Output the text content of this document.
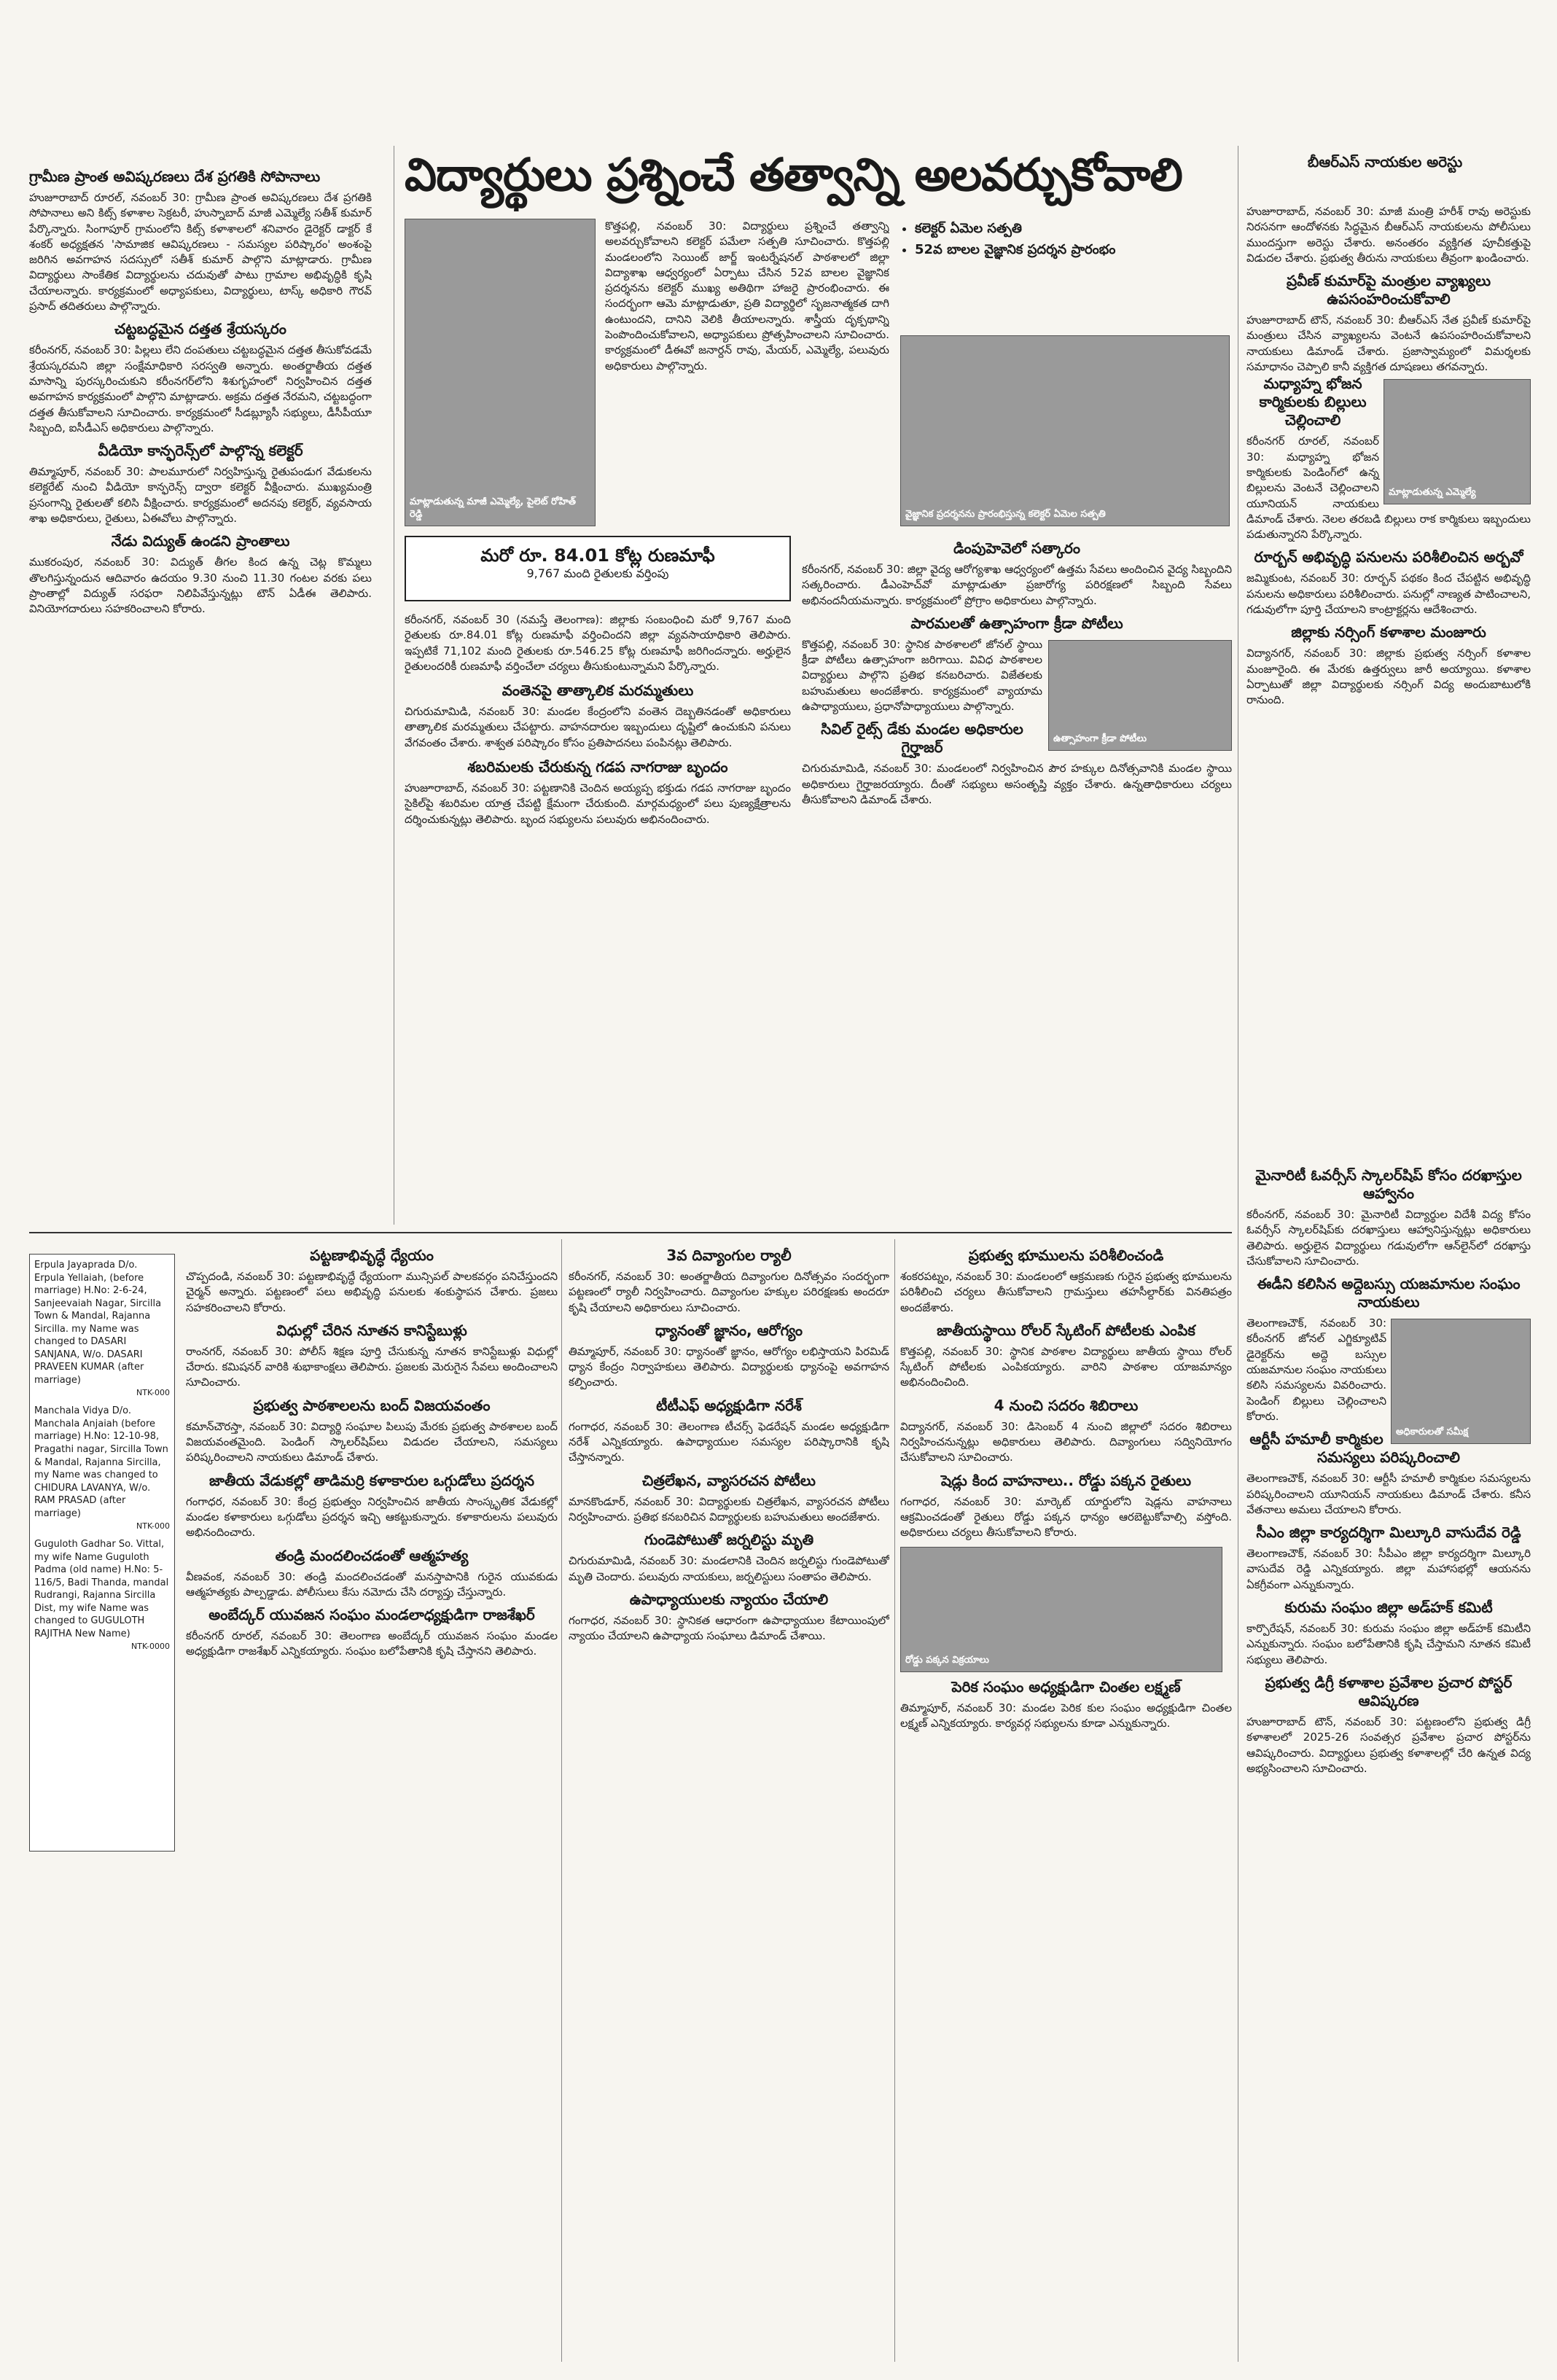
గ్రామీణ ప్రాంత అవిష్కరణలు దేశ ప్రగతికి సోపానాలు

హుజూరాబాద్ రూరల్, నవంబర్ 30: గ్రామీణ ప్రాంత అవిష్కరణలు దేశ ప్రగతికి సోపానాలు అని కిట్స్ కళాశాల సెక్రటరీ, హుస్నాబాద్ మాజీ ఎమ్మెల్యే సతీశ్ కుమార్ పేర్కొన్నారు. సింగాపూర్ గ్రామంలోని కిట్స్ కళాశాలలో శనివారం డైరెక్టర్ డాక్టర్ కే శంకర్ అధ్యక్షతన 'సామాజిక ఆవిష్కరణలు - సమస్యల పరిష్కారం' అంశంపై జరిగిన అవగాహన సదస్సులో సతీశ్ కుమార్ పాల్గొని మాట్లాడారు. గ్రామీణ విద్యార్థులు సాంకేతిక విద్యార్థులను చదువుతో పాటు గ్రామాల అభివృద్ధికి కృషి చేయాలన్నారు. కార్యక్రమంలో అధ్యాపకులు, విద్యార్థులు, టాస్క్ అధికారి గౌరవ్ ప్రసాద్ తదితరులు పాల్గొన్నారు.

చట్టబద్ధమైన దత్తత శ్రేయస్కరం

కరీంనగర్, నవంబర్ 30: పిల్లలు లేని దంపతులు చట్టబద్ధమైన దత్తత తీసుకోవడమే శ్రేయస్కరమని జిల్లా సంక్షేమాధికారి సరస్వతి అన్నారు. అంతర్జాతీయ దత్తత మాసాన్ని పురస్కరించుకుని కరీంనగర్‌లోని శిశుగృహంలో నిర్వహించిన దత్తత అవగాహన కార్యక్రమంలో పాల్గొని మాట్లాడారు. అక్రమ దత్తత నేరమని, చట్టబద్ధంగా దత్తత తీసుకోవాలని సూచించారు. కార్యక్రమంలో సీడబ్ల్యూసీ సభ్యులు, డీసీపీయూ సిబ్బంది, ఐసీడీఎస్ అధికారులు పాల్గొన్నారు.

వీడియో కాన్ఫరెన్స్‌లో పాల్గొన్న కలెక్టర్

తిమ్మాపూర్, నవంబర్ 30: పాలమూరులో నిర్వహిస్తున్న రైతుపండుగ వేడుకలను కలెక్టరేట్ నుంచి వీడియో కాన్ఫరెన్స్ ద్వారా కలెక్టర్ వీక్షించారు. ముఖ్యమంత్రి ప్రసంగాన్ని రైతులతో కలిసి వీక్షించారు. కార్యక్రమంలో అదనపు కలెక్టర్, వ్యవసాయ శాఖ అధికారులు, రైతులు, ఏఈవోలు పాల్గొన్నారు.

నేడు విద్యుత్ ఉండని ప్రాంతాలు

ముకరంపుర, నవంబర్ 30: విద్యుత్ తీగల కింద ఉన్న చెట్ల కొమ్మలు తొలగిస్తున్నందున ఆదివారం ఉదయం 9.30 నుంచి 11.30 గంటల వరకు పలు ప్రాంతాల్లో విద్యుత్ సరఫరా నిలిపివేస్తున్నట్లు టౌన్ ఏడీఈ తెలిపారు. వినియోగదారులు సహకరించాలని కోరారు.

విద్యార్థులు ప్రశ్నించే తత్వాన్ని అలవర్చుకోవాలి	బీఆర్‌ఎస్ నాయకుల అరెస్టు
మాట్లాడుతున్న మాజీ ఎమ్మెల్యే, పైలెట్ రోహిత్ రెడ్డి

కొత్తపల్లి, నవంబర్ 30: విద్యార్థులు ప్రశ్నించే తత్వాన్ని అలవర్చుకోవాలని కలెక్టర్ పమేలా సత్పతి సూచించారు. కొత్తపల్లి మండలంలోని సెయింట్ జార్జ్ ఇంటర్నేషనల్ పాఠశాలలో జిల్లా విద్యాశాఖ ఆధ్వర్యంలో ఏర్పాటు చేసిన 52వ బాలల వైజ్ఞానిక ప్రదర్శనను కలెక్టర్ ముఖ్య అతిథిగా హాజరై ప్రారంభించారు. ఈ సందర్భంగా ఆమె మాట్లాడుతూ, ప్రతి విద్యార్థిలో సృజనాత్మకత దాగి ఉంటుందని, దానిని వెలికి తీయాలన్నారు. శాస్త్రీయ దృక్పథాన్ని పెంపొందించుకోవాలని, అధ్యాపకులు ప్రోత్సహించాలని సూచించారు. కార్యక్రమంలో డీఈవో జనార్దన్ రావు, మేయర్, ఎమ్మెల్యే, పలువురు అధికారులు పాల్గొన్నారు.

• కలెక్టర్ ఏమెల సత్పతి
• 52వ బాలల వైజ్ఞానిక ప్రదర్శన ప్రారంభం
వైజ్ఞానిక ప్రదర్శనను ప్రారంభిస్తున్న కలెక్టర్ ఏమెల సత్పతి

హుజూరాబాద్, నవంబర్ 30: మాజీ మంత్రి హరీశ్ రావు అరెస్టుకు నిరసనగా ఆందోళనకు సిద్ధమైన బీఆర్‌ఎస్ నాయకులను పోలీసులు ముందస్తుగా అరెస్టు చేశారు. అనంతరం వ్యక్తిగత పూచీకత్తుపై విడుదల చేశారు. ప్రభుత్వ తీరును నాయకులు తీవ్రంగా ఖండించారు.

ప్రవీణ్ కుమార్‌పై మంత్రుల వ్యాఖ్యలు ఉపసంహరించుకోవాలి

హుజూరాబాద్ టౌన్, నవంబర్ 30: బీఆర్‌ఎస్ నేత ప్రవీణ్ కుమార్‌పై మంత్రులు చేసిన వ్యాఖ్యలను వెంటనే ఉపసంహరించుకోవాలని నాయకులు డిమాండ్ చేశారు. ప్రజాస్వామ్యంలో విమర్శలకు సమాధానం చెప్పాలి కానీ వ్యక్తిగత దూషణలు తగవన్నారు.

మాట్లాడుతున్న ఎమ్మెల్యే
మధ్యాహ్న భోజన కార్మికులకు బిల్లులు చెల్లించాలి

కరీంనగర్ రూరల్, నవంబర్ 30: మధ్యాహ్న భోజన కార్మికులకు పెండింగ్‌లో ఉన్న బిల్లులను వెంటనే చెల్లించాలని యూనియన్ నాయకులు డిమాండ్ చేశారు. నెలల తరబడి బిల్లులు రాక కార్మికులు ఇబ్బందులు పడుతున్నారని పేర్కొన్నారు.

రూర్బన్ అభివృద్ధి పనులను పరిశీలించిన అర్బవో

జమ్మికుంట, నవంబర్ 30: రూర్బన్ పథకం కింద చేపట్టిన అభివృద్ధి పనులను అధికారులు పరిశీలించారు. పనుల్లో నాణ్యత పాటించాలని, గడువులోగా పూర్తి చేయాలని కాంట్రాక్టర్లను ఆదేశించారు.

జిల్లాకు నర్సింగ్ కళాశాల మంజూరు

విద్యానగర్, నవంబర్ 30: జిల్లాకు ప్రభుత్వ నర్సింగ్ కళాశాల మంజూరైంది. ఈ మేరకు ఉత్తర్వులు జారీ అయ్యాయి. కళాశాల ఏర్పాటుతో జిల్లా విద్యార్థులకు నర్సింగ్ విద్య అందుబాటులోకి రానుంది.

మరో రూ. 84.01 కోట్ల రుణమాఫీ
9,767 మంది రైతులకు వర్తింపు

కరీంనగర్, నవంబర్ 30 (నమస్తే తెలంగాణ): జిల్లాకు సంబంధించి మరో 9,767 మంది రైతులకు రూ.84.01 కోట్ల రుణమాఫీ వర్తించిందని జిల్లా వ్యవసాయాధికారి తెలిపారు. ఇప్పటికే 71,102 మంది రైతులకు రూ.546.25 కోట్ల రుణమాఫీ జరిగిందన్నారు. అర్హులైన రైతులందరికీ రుణమాఫీ వర్తించేలా చర్యలు తీసుకుంటున్నామని పేర్కొన్నారు.

వంతెనపై తాత్కాలిక మరమ్మతులు

చిగురుమామిడి, నవంబర్ 30: మండల కేంద్రంలోని వంతెన దెబ్బతినడంతో అధికారులు తాత్కాలిక మరమ్మతులు చేపట్టారు. వాహనదారుల ఇబ్బందులు దృష్టిలో ఉంచుకుని పనులు వేగవంతం చేశారు. శాశ్వత పరిష్కారం కోసం ప్రతిపాదనలు పంపినట్లు తెలిపారు.

శబరిమలకు చేరుకున్న గడప నాగరాజు బృందం

హుజూరాబాద్, నవంబర్ 30: పట్టణానికి చెందిన అయ్యప్ప భక్తుడు గడప నాగరాజు బృందం సైకిల్‌పై శబరిమల యాత్ర చేపట్టి క్షేమంగా చేరుకుంది. మార్గమధ్యంలో పలు పుణ్యక్షేత్రాలను దర్శించుకున్నట్లు తెలిపారు. బృంద సభ్యులను పలువురు అభినందించారు.

డింపుహెవెలో సత్కారం

కరీంనగర్, నవంబర్ 30: జిల్లా వైద్య ఆరోగ్యశాఖ ఆధ్వర్యంలో ఉత్తమ సేవలు అందించిన వైద్య సిబ్బందిని సత్కరించారు. డీఎంహెచ్‌వో మాట్లాడుతూ ప్రజారోగ్య పరిరక్షణలో సిబ్బంది సేవలు అభినందనీయమన్నారు. కార్యక్రమంలో ప్రోగ్రాం అధికారులు పాల్గొన్నారు.

పారమలతో ఉత్సాహంగా క్రీడా పోటీలు
ఉత్సాహంగా క్రీడా పోటీలు

కొత్తపల్లి, నవంబర్ 30: స్థానిక పాఠశాలలో జోనల్ స్థాయి క్రీడా పోటీలు ఉత్సాహంగా జరిగాయి. వివిధ పాఠశాలల విద్యార్థులు పాల్గొని ప్రతిభ కనబరిచారు. విజేతలకు బహుమతులు అందజేశారు. కార్యక్రమంలో వ్యాయామ ఉపాధ్యాయులు, ప్రధానోపాధ్యాయులు పాల్గొన్నారు.

సివిల్ రైట్స్ డేకు మండల అధికారుల గైర్హాజర్

చిగురుమామిడి, నవంబర్ 30: మండలంలో నిర్వహించిన పౌర హక్కుల దినోత్సవానికి మండల స్థాయి అధికారులు గైర్హాజరయ్యారు. దీంతో సభ్యులు అసంతృప్తి వ్యక్తం చేశారు. ఉన్నతాధికారులు చర్యలు తీసుకోవాలని డిమాండ్ చేశారు.

Erpula Jayaprada D/o. Erpula Yellaiah, (before marriage) H.No: 2-6-24, Sanjeevaiah Nagar, Sircilla Town & Mandal, Rajanna Sircilla. my Name was changed to DASARI SANJANA, W/o. DASARI PRAVEEN KUMAR (after marriage)

NTK-000

Manchala Vidya D/o. Manchala Anjaiah (before marriage) H.No: 12-10-98, Pragathi nagar, Sircilla Town & Mandal, Rajanna Sircilla, my Name was changed to CHIDURA LAVANYA, W/o. RAM PRASAD (after marriage)

NTK-000

Guguloth Gadhar So. Vittal, my wife Name Guguloth Padma (old name) H.No: 5-116/5, Badi Thanda, mandal Rudrangi, Rajanna Sircilla Dist, my wife Name was changed to GUGULOTH RAJITHA New Name)

NTK-0000

పట్టణాభివృద్ధే ధ్యేయం

చొప్పదండి, నవంబర్ 30: పట్టణాభివృద్ధే ధ్యేయంగా మున్సిపల్ పాలకవర్గం పనిచేస్తుందని చైర్మన్ అన్నారు. పట్టణంలో పలు అభివృద్ధి పనులకు శంకుస్థాపన చేశారు. ప్రజలు సహకరించాలని కోరారు.

విధుల్లో చేరిన నూతన కానిస్టేబుళ్లు

రాంనగర్, నవంబర్ 30: పోలీస్ శిక్షణ పూర్తి చేసుకున్న నూతన కానిస్టేబుళ్లు విధుల్లో చేరారు. కమిషనర్ వారికి శుభాకాంక్షలు తెలిపారు. ప్రజలకు మెరుగైన సేవలు అందించాలని సూచించారు.

ప్రభుత్వ పాఠశాలలను బంద్ విజయవంతం

కమాన్‌చౌరస్తా, నవంబర్ 30: విద్యార్థి సంఘాల పిలుపు మేరకు ప్రభుత్వ పాఠశాలల బంద్ విజయవంతమైంది. పెండింగ్ స్కాలర్‌షిప్‌లు విడుదల చేయాలని, సమస్యలు పరిష్కరించాలని నాయకులు డిమాండ్ చేశారు.

జాతీయ వేడుకల్లో తాడిమర్రి కళాకారుల ఒగ్గుడోలు ప్రదర్శన

గంగాధర, నవంబర్ 30: కేంద్ర ప్రభుత్వం నిర్వహించిన జాతీయ సాంస్కృతిక వేడుకల్లో మండల కళాకారులు ఒగ్గుడోలు ప్రదర్శన ఇచ్చి ఆకట్టుకున్నారు. కళాకారులను పలువురు అభినందించారు.

తండ్రి మందలించడంతో ఆత్మహత్య

వీణవంక, నవంబర్ 30: తండ్రి మందలించడంతో మనస్తాపానికి గురైన యువకుడు ఆత్మహత్యకు పాల్పడ్డాడు. పోలీసులు కేసు నమోదు చేసి దర్యాప్తు చేస్తున్నారు.

అంబేద్కర్ యువజన సంఘం మండలాధ్యక్షుడిగా రాజశేఖర్

కరీంనగర్ రూరల్, నవంబర్ 30: తెలంగాణ అంబేద్కర్ యువజన సంఘం మండల అధ్యక్షుడిగా రాజశేఖర్ ఎన్నికయ్యారు. సంఘం బలోపేతానికి కృషి చేస్తానని తెలిపారు.

3వ దివ్యాంగుల ర్యాలీ

కరీంనగర్, నవంబర్ 30: అంతర్జాతీయ దివ్యాంగుల దినోత్సవం సందర్భంగా పట్టణంలో ర్యాలీ నిర్వహించారు. దివ్యాంగుల హక్కుల పరిరక్షణకు అందరూ కృషి చేయాలని అధికారులు సూచించారు.

ధ్యానంతో జ్ఞానం, ఆరోగ్యం

తిమ్మాపూర్, నవంబర్ 30: ధ్యానంతో జ్ఞానం, ఆరోగ్యం లభిస్తాయని పిరమిడ్ ధ్యాన కేంద్రం నిర్వాహకులు తెలిపారు. విద్యార్థులకు ధ్యానంపై అవగాహన కల్పించారు.

టీటీఎఫ్ అధ్యక్షుడిగా నరేశ్

గంగాధర, నవంబర్ 30: తెలంగాణ టీచర్స్ ఫెడరేషన్ మండల అధ్యక్షుడిగా నరేశ్ ఎన్నికయ్యారు. ఉపాధ్యాయుల సమస్యల పరిష్కారానికి కృషి చేస్తానన్నారు.

చిత్రలేఖన, వ్యాసరచన పోటీలు

మానకొండూర్, నవంబర్ 30: విద్యార్థులకు చిత్రలేఖన, వ్యాసరచన పోటీలు నిర్వహించారు. ప్రతిభ కనబరిచిన విద్యార్థులకు బహుమతులు అందజేశారు.

గుండెపోటుతో జర్నలిస్టు మృతి

చిగురుమామిడి, నవంబర్ 30: మండలానికి చెందిన జర్నలిస్టు గుండెపోటుతో మృతి చెందారు. పలువురు నాయకులు, జర్నలిస్టులు సంతాపం తెలిపారు.

ఉపాధ్యాయులకు న్యాయం చేయాలి

గంగాధర, నవంబర్ 30: స్థానికత ఆధారంగా ఉపాధ్యాయుల కేటాయింపులో న్యాయం చేయాలని ఉపాధ్యాయ సంఘాలు డిమాండ్ చేశాయి.

ప్రభుత్వ భూములను పరిశీలించండి

శంకరపట్నం, నవంబర్ 30: మండలంలో ఆక్రమణకు గురైన ప్రభుత్వ భూములను పరిశీలించి చర్యలు తీసుకోవాలని గ్రామస్తులు తహసీల్దార్‌కు వినతిపత్రం అందజేశారు.

జాతీయస్థాయి రోలర్ స్కేటింగ్ పోటీలకు ఎంపిక

కొత్తపల్లి, నవంబర్ 30: స్థానిక పాఠశాల విద్యార్థులు జాతీయ స్థాయి రోలర్ స్కేటింగ్ పోటీలకు ఎంపికయ్యారు. వారిని పాఠశాల యాజమాన్యం అభినందించింది.

4 నుంచి సదరం శిబిరాలు

విద్యానగర్, నవంబర్ 30: డిసెంబర్ 4 నుంచి జిల్లాలో సదరం శిబిరాలు నిర్వహించనున్నట్లు అధికారులు తెలిపారు. దివ్యాంగులు సద్వినియోగం చేసుకోవాలని సూచించారు.

షెడ్లు కింద వాహనాలు.. రోడ్డు పక్కన రైతులు

గంగాధర, నవంబర్ 30: మార్కెట్ యార్డులోని షెడ్లను వాహనాలు ఆక్రమించడంతో రైతులు రోడ్డు పక్కన ధాన్యం ఆరబెట్టుకోవాల్సి వస్తోంది. అధికారులు చర్యలు తీసుకోవాలని కోరారు.

రోడ్డు పక్కన విక్రయాలు
పెరిక సంఘం అధ్యక్షుడిగా చింతల లక్ష్మణ్

తిమ్మాపూర్, నవంబర్ 30: మండల పెరిక కుల సంఘం అధ్యక్షుడిగా చింతల లక్ష్మణ్ ఎన్నికయ్యారు. కార్యవర్గ సభ్యులను కూడా ఎన్నుకున్నారు.

మైనారిటీ ఓవర్సీస్ స్కాలర్‌షిప్ కోసం దరఖాస్తుల ఆహ్వానం

కరీంనగర్, నవంబర్ 30: మైనారిటీ విద్యార్థుల విదేశీ విద్య కోసం ఓవర్సీస్ స్కాలర్‌షిప్‌కు దరఖాస్తులు ఆహ్వానిస్తున్నట్లు అధికారులు తెలిపారు. అర్హులైన విద్యార్థులు గడువులోగా ఆన్‌లైన్‌లో దరఖాస్తు చేసుకోవాలని సూచించారు.

ఈడీని కలిసిన అద్దెబస్సు యజమానుల సంఘం నాయకులు
అధికారులతో సమీక్ష

తెలంగాణచౌక్, నవంబర్ 30: కరీంనగర్ జోనల్ ఎగ్జిక్యూటివ్ డైరెక్టర్‌ను అద్దె బస్సుల యజమానుల సంఘం నాయకులు కలిసి సమస్యలను వివరించారు. పెండింగ్ బిల్లులు చెల్లించాలని కోరారు.

ఆర్టీసీ హమాలీ కార్మికుల సమస్యలు పరిష్కరించాలి

తెలంగాణచౌక్, నవంబర్ 30: ఆర్టీసీ హమాలీ కార్మికుల సమస్యలను పరిష్కరించాలని యూనియన్ నాయకులు డిమాండ్ చేశారు. కనీస వేతనాలు అమలు చేయాలని కోరారు.

సీఎం జిల్లా కార్యదర్శిగా మిల్కూరి వాసుదేవ రెడ్డి

తెలంగాణచౌక్, నవంబర్ 30: సీపీఎం జిల్లా కార్యదర్శిగా మిల్కూరి వాసుదేవ రెడ్డి ఎన్నికయ్యారు. జిల్లా మహాసభల్లో ఆయనను ఏకగ్రీవంగా ఎన్నుకున్నారు.

కురుమ సంఘం జిల్లా అడ్‌హక్ కమిటీ

కార్పొరేషన్, నవంబర్ 30: కురుమ సంఘం జిల్లా అడ్‌హక్ కమిటీని ఎన్నుకున్నారు. సంఘం బలోపేతానికి కృషి చేస్తామని నూతన కమిటీ సభ్యులు తెలిపారు.

ప్రభుత్వ డిగ్రీ కళాశాల ప్రవేశాల ప్రచార పోస్టర్ ఆవిష్కరణ

హుజూరాబాద్ టౌన్, నవంబర్ 30: పట్టణంలోని ప్రభుత్వ డిగ్రీ కళాశాలలో 2025-26 సంవత్సర ప్రవేశాల ప్రచార పోస్టర్‌ను ఆవిష్కరించారు. విద్యార్థులు ప్రభుత్వ కళాశాలల్లో చేరి ఉన్నత విద్య అభ్యసించాలని సూచించారు.
